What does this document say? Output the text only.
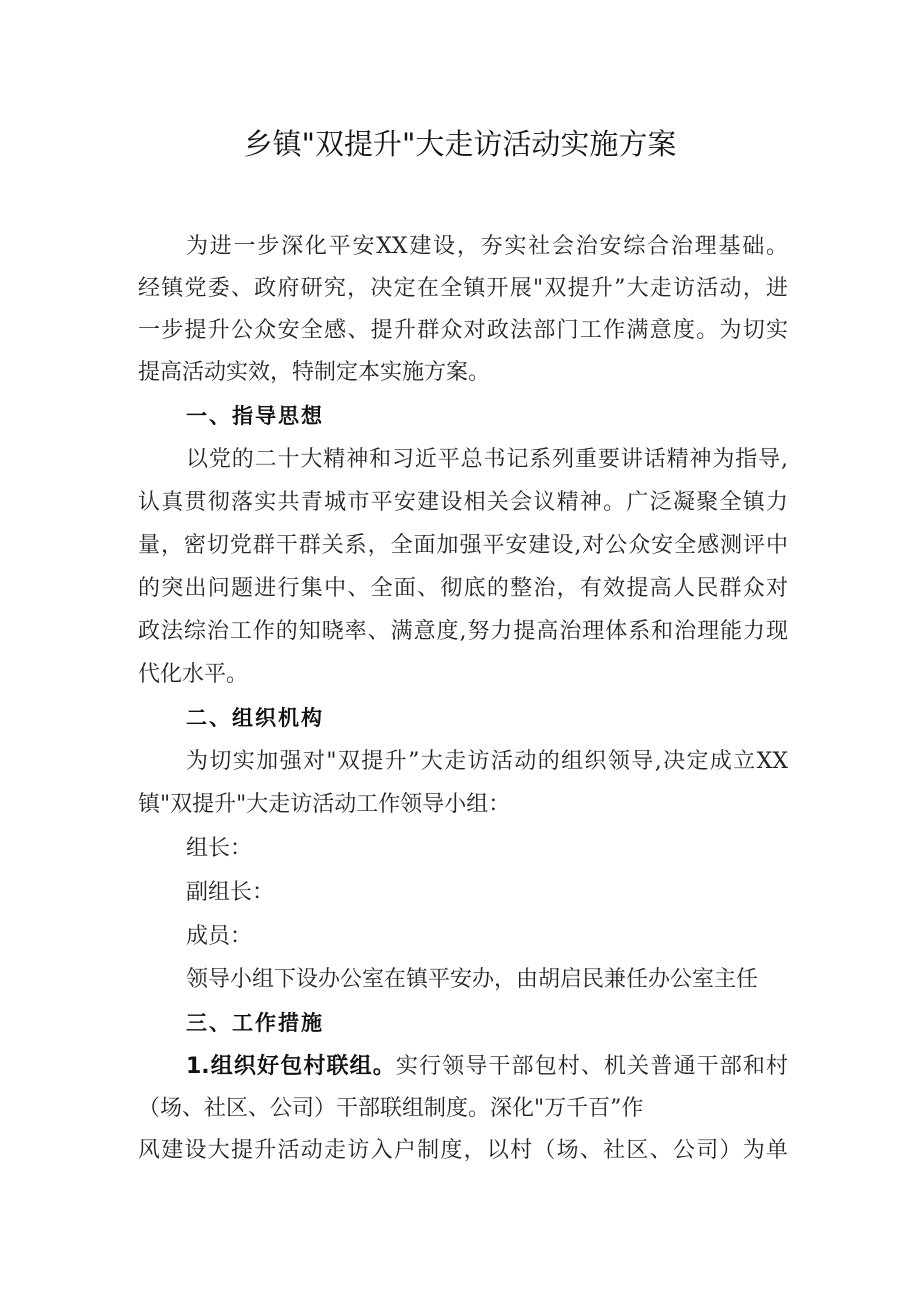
乡镇"双提升"大走访活动实施方案
为进一步深化平安XX建设，夯实社会治安综合治理基础。
经镇党委、政府研究，决定在全镇开展"双提升”大走访活动，进
一步提升公众安全感、提升群众对政法部门工作满意度。为切实
提高活动实效，特制定本实施方案。
一、指导思想
以党的二十大精神和习近平总书记系列重要讲话精神为指导,
认真贯彻落实共青城市平安建设相关会议精神。广泛凝聚全镇力
量，密切党群干群关系，全面加强平安建设,对公众安全感测评中
的突出问题进行集中、全面、彻底的整治，有效提高人民群众对
政法综治工作的知晓率、满意度,努力提高治理体系和治理能力现
代化水平。
二、组织机构
为切实加强对"双提升”大走访活动的组织领导,决定成立XX
镇"双提升"大走访活动工作领导小组：
组长：
副组长：
成员：
领导小组下设办公室在镇平安办，由胡启民兼任办公室主任
三、工作措施
1.组织好包村联组。实行领导干部包村、机关普通干部和村
（场、社区、公司）干部联组制度。深化"万千百”作
风建设大提升活动走访入户制度，以村（场、社区、公司）为单
